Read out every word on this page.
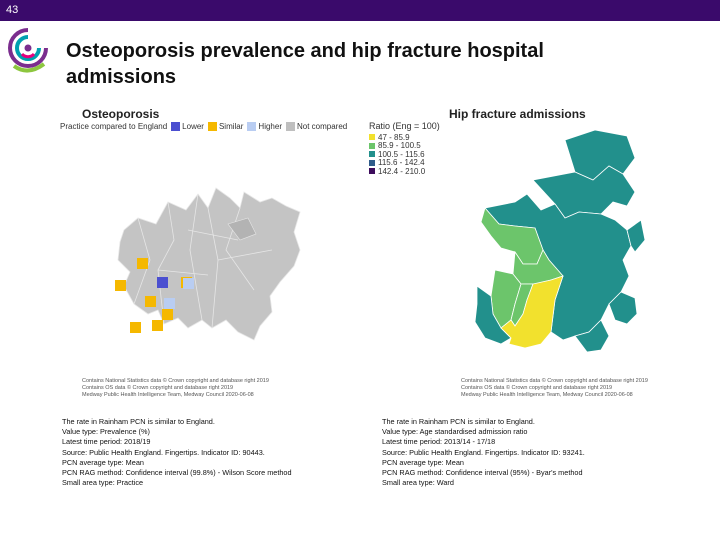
43
Osteoporosis prevalence and hip fracture hospital admissions
Osteoporosis
Practice compared to England Lower Similar Higher Not compared
Contains National Statistics data © Crown copyright and database right 2019
Contains OS data © Crown copyright and database right 2019
Medway Public Health Intelligence Team, Medway Council 2020-06-08
Hip fracture admissions
Ratio (Eng = 100)
47 - 85.9
85.9 - 100.5
100.5 - 115.6
115.6 - 142.4
142.4 - 210.0
Contains National Statistics data © Crown copyright and database right 2019
Contains OS data © Crown copyright and database right 2019
Medway Public Health Intelligence Team, Medway Council 2020-06-08
The rate in Rainham PCN is similar to England.
Value type: Prevalence (%)
Latest time period: 2018/19
Source: Public Health England. Fingertips. Indicator ID: 90443.
PCN average type: Mean
PCN RAG method: Confidence interval (99.8%) - Wilson Score method
Small area type: Practice
The rate in Rainham PCN is similar to England.
Value type: Age standardised admission ratio
Latest time period: 2013/14 - 17/18
Source: Public Health England. Fingertips. Indicator ID: 93241.
PCN average type: Mean
PCN RAG method: Confidence interval (95%) - Byar's method
Small area type: Ward
